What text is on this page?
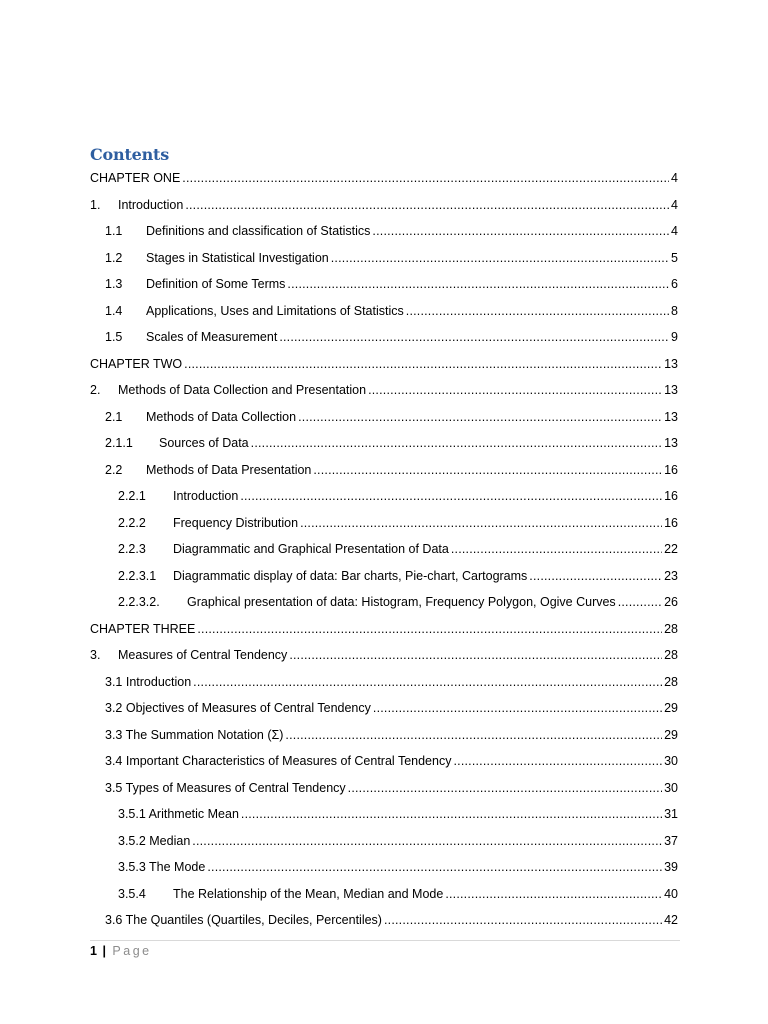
Contents
CHAPTER ONE .....	4
1.	Introduction .....	4
1.1	Definitions and classification of Statistics .....	4
1.2	Stages in Statistical Investigation .....	5
1.3	Definition of Some Terms .....	6
1.4	Applications, Uses and Limitations of Statistics .....	8
1.5	Scales of Measurement .....	9
CHAPTER TWO .....	13
2.	Methods of Data Collection and Presentation .....	13
2.1	Methods of Data Collection .....	13
2.1.1	Sources of Data .....	13
2.2	Methods of Data Presentation .....	16
2.2.1	Introduction .....	16
2.2.2	Frequency Distribution .....	16
2.2.3	Diagrammatic and Graphical Presentation of Data .....	22
2.2.3.1	Diagrammatic display of data: Bar charts, Pie-chart, Cartograms .....	23
2.2.3.2.	Graphical presentation of data: Histogram, Frequency Polygon, Ogive Curves .....	26
CHAPTER THREE .....	28
3.	Measures of Central Tendency .....	28
3.1 Introduction .....	28
3.2 Objectives of Measures of Central Tendency .....	29
3.3 The Summation Notation (Σ) .....	29
3.4 Important Characteristics of Measures of Central Tendency .....	30
3.5 Types of Measures of Central Tendency .....	30
3.5.1 Arithmetic Mean .....	31
3.5.2 Median .....	37
3.5.3 The Mode .....	39
3.5.4	The Relationship of the Mean, Median and Mode .....	40
3.6 The Quantiles (Quartiles, Deciles, Percentiles) .....	42
1 | Page
